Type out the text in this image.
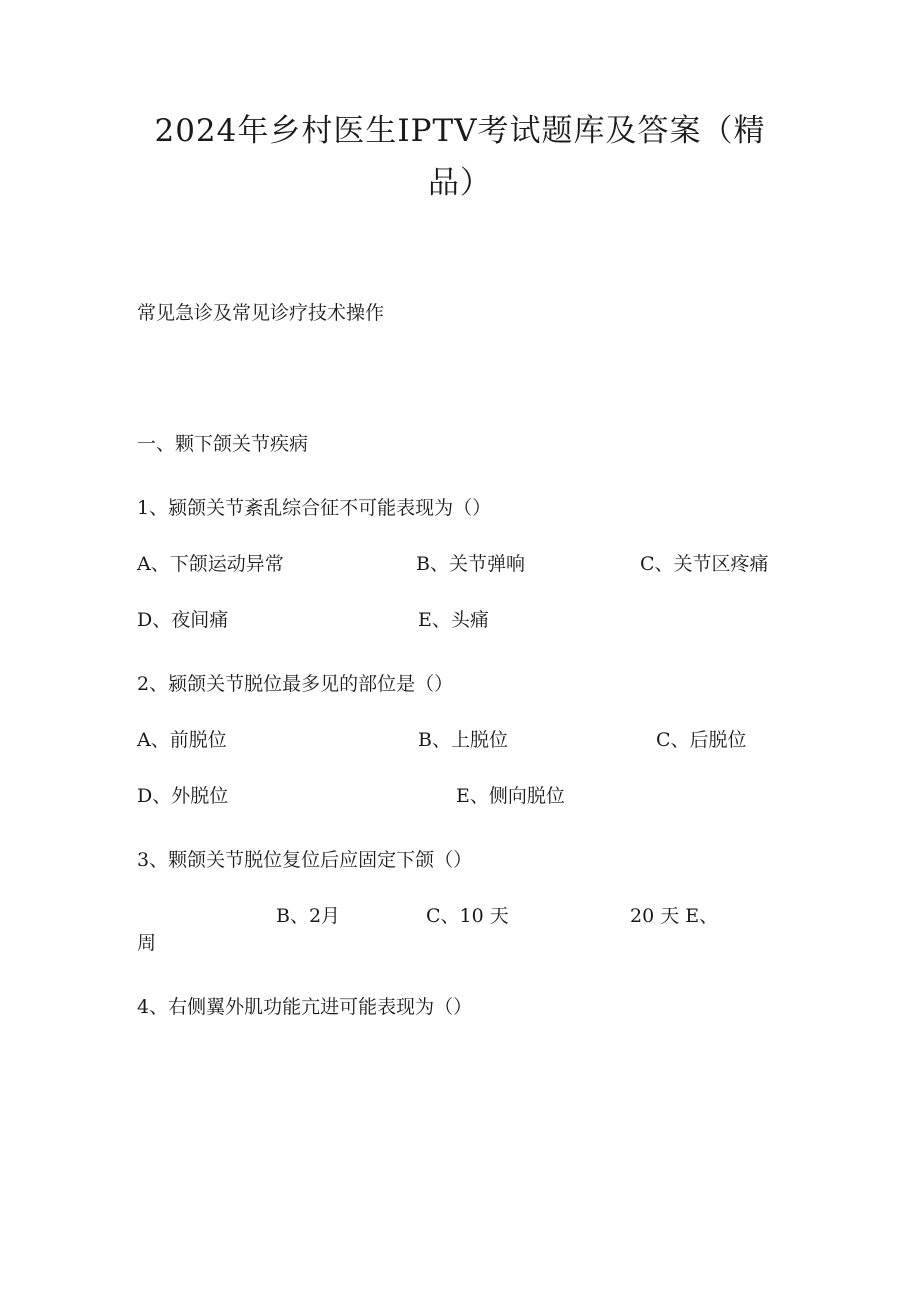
2024年乡村医生IPTV考试题库及答案（精
品）
常见急诊及常见诊疗技术操作
一、颗下颌关节疾病
1、颍颌关节紊乱综合征不可能表现为（）
A、下颌运动异常	B、关节弹响	C、关节区疼痛
D、夜间痛	E、头痛
2、颍颌关节脱位最多见的部位是（）
A、前脱位	B、上脱位	C、后脱位
D、外脱位	E、侧向脱位
3、颗颌关节脱位复位后应固定下颌（）
B、2月	C、10 天	20 天 E、
周
4、右侧翼外肌功能亢进可能表现为（）
